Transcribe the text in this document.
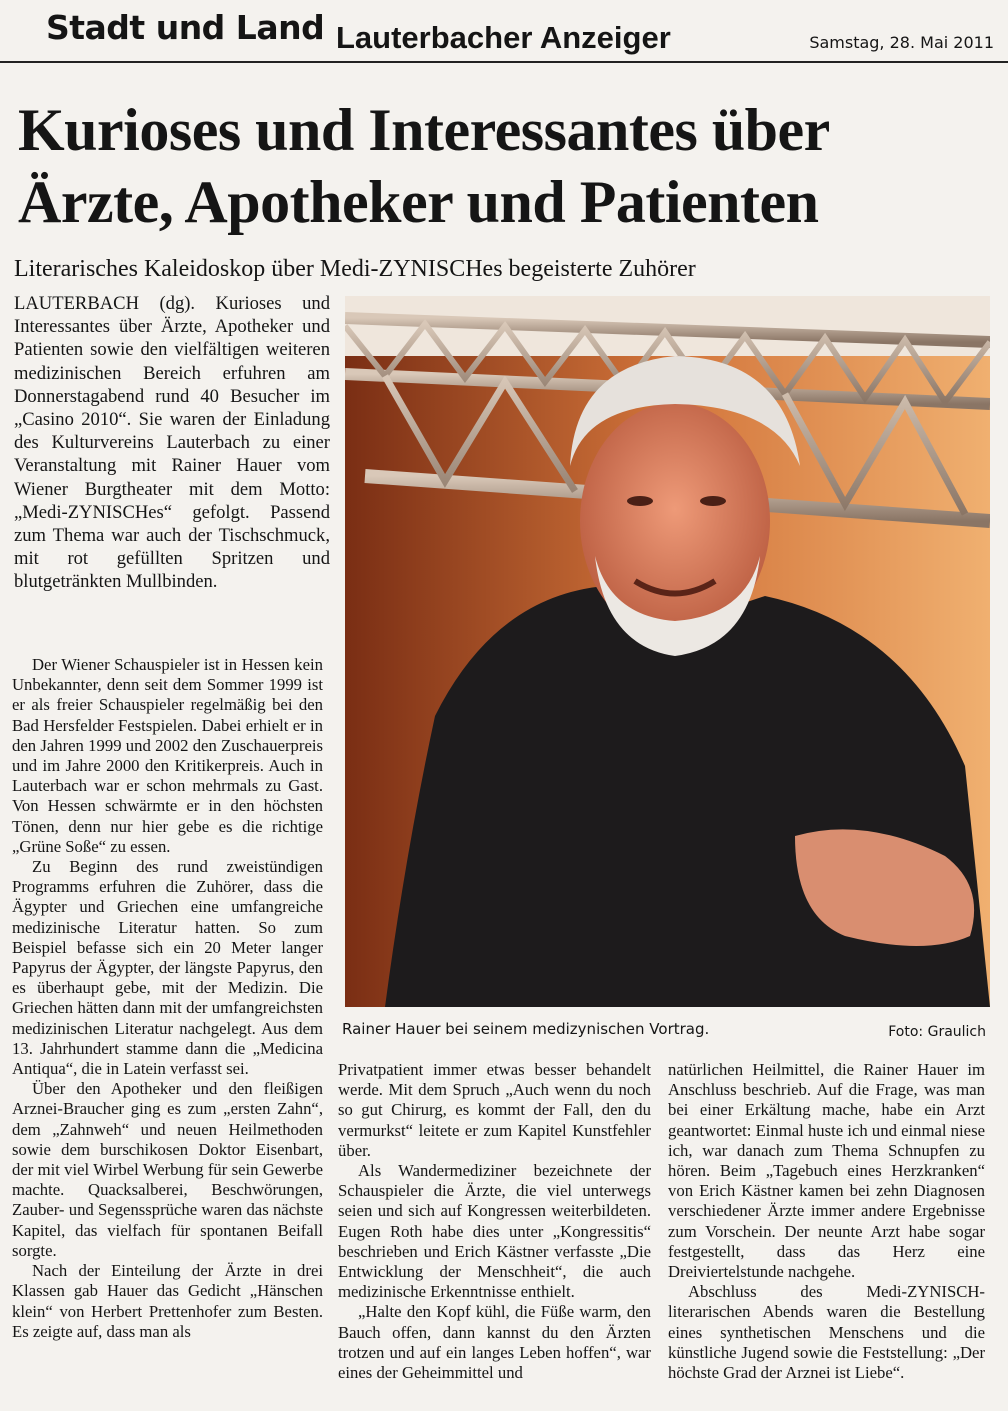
Stadt und Land Lauterbacher Anzeiger	Samstag, 28. Mai 2011
Kurioses und Interessantes über
Ärzte, Apotheker und Patienten
Literarisches Kaleidoskop über Medi-ZYNISCHes begeisterte Zuhörer

LAUTERBACH (dg). Kurioses und Interessantes über Ärzte, Apotheker und Patienten sowie den vielfältigen weiteren medizinischen Bereich erfuhren am Donnerstagabend rund 40 Besucher im „Casino 2010“. Sie waren der Einladung des Kulturvereins Lauterbach zu einer Veranstaltung mit Rainer Hauer vom Wiener Burgtheater mit dem Motto: „Medi-ZYNISCHes“ gefolgt. Passend zum Thema war auch der Tischschmuck, mit rot gefüllten Spritzen und blutgetränkten Mullbinden.

Der Wiener Schauspieler ist in Hessen kein Unbekannter, denn seit dem Sommer 1999 ist er als freier Schauspieler regelmäßig bei den Bad Hersfelder Festspielen. Dabei erhielt er in den Jahren 1999 und 2002 den Zuschauerpreis und im Jahre 2000 den Kritikerpreis. Auch in Lauterbach war er schon mehrmals zu Gast. Von Hessen schwärmte er in den höchsten Tönen, denn nur hier gebe es die richtige „Grüne Soße“ zu essen.

Zu Beginn des rund zweistündigen Programms erfuhren die Zuhörer, dass die Ägypter und Griechen eine umfangreiche medizinische Literatur hatten. So zum Beispiel befasse sich ein 20 Meter langer Papyrus der Ägypter, der längste Papyrus, den es überhaupt gebe, mit der Medizin. Die Griechen hätten dann mit der umfangreichsten medizinischen Literatur nachgelegt. Aus dem 13. Jahrhundert stamme dann die „Medicina Antiqua“, die in Latein verfasst sei.

Über den Apotheker und den fleißigen Arznei-Braucher ging es zum „ersten Zahn“, dem „Zahnweh“ und neuen Heilmethoden sowie dem burschikosen Doktor Eisenbart, der mit viel Wirbel Werbung für sein Gewerbe machte. Quacksalberei, Beschwörungen, Zauber- und Segenssprüche waren das nächste Kapitel, das vielfach für spontanen Beifall sorgte.

Nach der Einteilung der Ärzte in drei Klassen gab Hauer das Gedicht „Hänschen klein“ von Herbert Prettenhofer zum Besten. Es zeigte auf, dass man als

Privatpatient immer etwas besser behandelt werde. Mit dem Spruch „Auch wenn du noch so gut Chirurg, es kommt der Fall, den du vermurkst“ leitete er zum Kapitel Kunstfehler über.

Als Wandermediziner bezeichnete der Schauspieler die Ärzte, die viel unterwegs seien und sich auf Kongressen weiterbildeten. Eugen Roth habe dies unter „Kongressitis“ beschrieben und Erich Kästner verfasste „Die Entwicklung der Menschheit“, die auch medizinische Erkenntnisse enthielt.

„Halte den Kopf kühl, die Füße warm, den Bauch offen, dann kannst du den Ärzten trotzen und auf ein langes Leben hoffen“, war eines der Geheimmittel und

natürlichen Heilmittel, die Rainer Hauer im Anschluss beschrieb. Auf die Frage, was man bei einer Erkältung mache, habe ein Arzt geantwortet: Einmal huste ich und einmal niese ich, war danach zum Thema Schnupfen zu hören. Beim „Tagebuch eines Herzkranken“ von Erich Kästner kamen bei zehn Diagnosen verschiedener Ärzte immer andere Ergebnisse zum Vorschein. Der neunte Arzt habe sogar festgestellt, dass das Herz eine Dreiviertelstunde nachgehe.

Abschluss des Medi-ZYNISCH-literarischen Abends waren die Bestellung eines synthetischen Menschens und die künstliche Jugend sowie die Feststellung: „Der höchste Grad der Arznei ist Liebe“.

Rainer Hauer bei seinem medizynischen Vortrag.	Foto: Graulich
